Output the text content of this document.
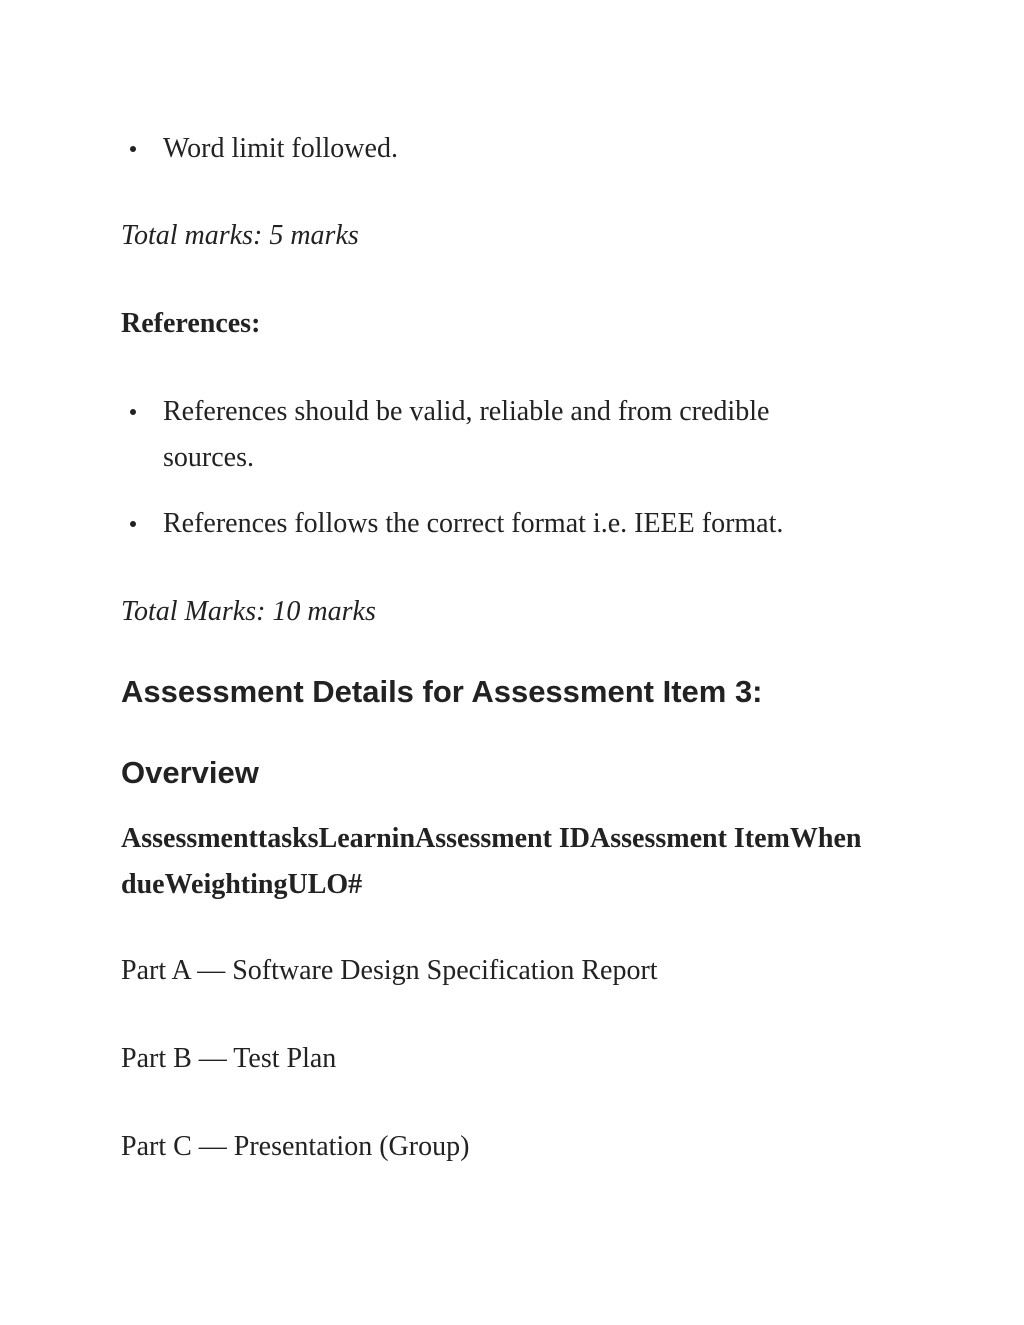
Word limit followed.

Total marks: 5 marks

References:

References should be valid, reliable and from credible sources.
References follows the correct format i.e. IEEE format.

Total Marks: 10 marks

Assessment Details for Assessment Item 3:
Overview

AssessmenttasksLearninAssessment IDAssessment ItemWhen dueWeightingULO#

Part A — Software Design Specification Report

Part B — Test Plan

Part C — Presentation (Group)
